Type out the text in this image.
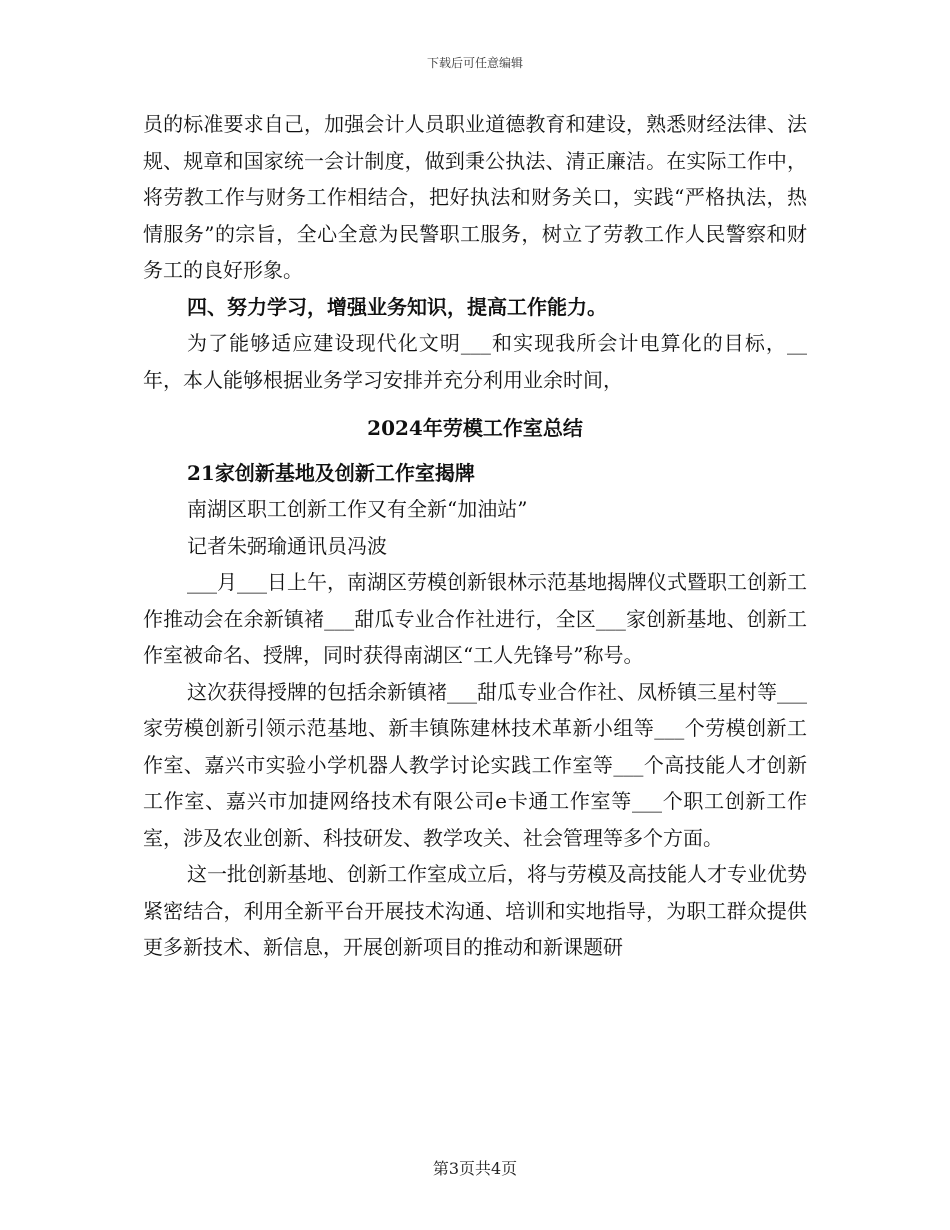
下载后可任意编辑

员的标准要求自己，加强会计人员职业道德教育和建设，熟悉财经法律、法规、规章和国家统一会计制度，做到秉公执法、清正廉洁。在实际工作中，将劳教工作与财务工作相结合，把好执法和财务关口，实践“严格执法，热情服务”的宗旨，全心全意为民警职工服务，树立了劳教工作人民警察和财务工的良好形象。

四、努力学习，增强业务知识，提高工作能力。

为了能够适应建设现代化文明___和实现我所会计电算化的目标，__年，本人能够根据业务学习安排并充分利用业余时间，

2024年劳模工作室总结

21家创新基地及创新工作室揭牌

南湖区职工创新工作又有全新“加油站”

记者朱弼瑜通讯员冯波

___月___日上午，南湖区劳模创新银林示范基地揭牌仪式暨职工创新工作推动会在余新镇褚___甜瓜专业合作社进行，全区___家创新基地、创新工作室被命名、授牌，同时获得南湖区“工人先锋号”称号。

这次获得授牌的包括余新镇褚___甜瓜专业合作社、凤桥镇三星村等___家劳模创新引领示范基地、新丰镇陈建林技术革新小组等___个劳模创新工作室、嘉兴市实验小学机器人教学讨论实践工作室等___个高技能人才创新工作室、嘉兴市加捷网络技术有限公司e卡通工作室等___个职工创新工作室，涉及农业创新、科技研发、教学攻关、社会管理等多个方面。

这一批创新基地、创新工作室成立后，将与劳模及高技能人才专业优势紧密结合，利用全新平台开展技术沟通、培训和实地指导，为职工群众提供更多新技术、新信息，开展创新项目的推动和新课题研

第3页共4页
